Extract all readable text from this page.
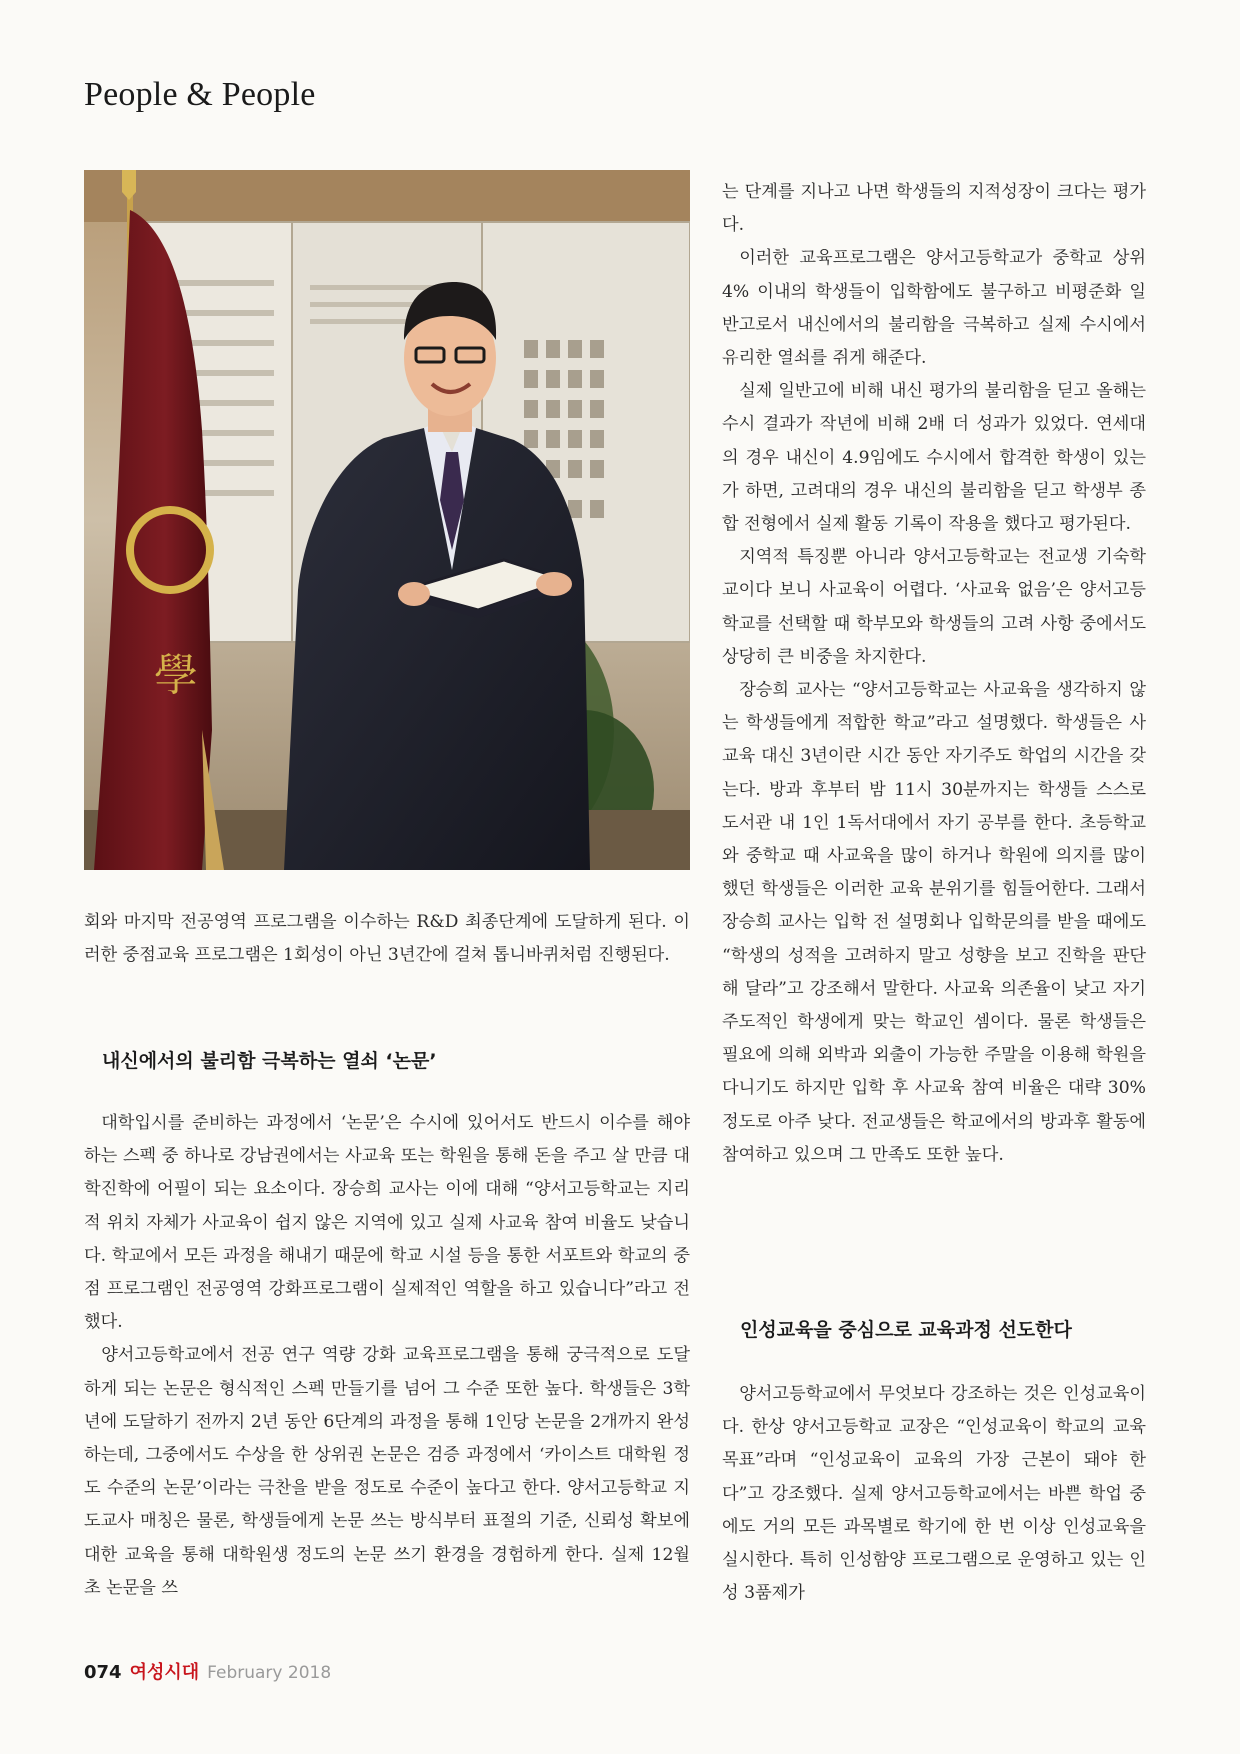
People & People
學

회와 마지막 전공영역 프로그램을 이수하는 R&D 최종단계에 도달하게 된다. 이러한 중점교육 프로그램은 1회성이 아닌 3년간에 걸쳐 톱니바퀴처럼 진행된다.

내신에서의 불리함 극복하는 열쇠 ‘논문’

대학입시를 준비하는 과정에서 ‘논문’은 수시에 있어서도 반드시 이수를 해야 하는 스펙 중 하나로 강남권에서는 사교육 또는 학원을 통해 돈을 주고 살 만큼 대학진학에 어필이 되는 요소이다. 장승희 교사는 이에 대해 “양서고등학교는 지리적 위치 자체가 사교육이 쉽지 않은 지역에 있고 실제 사교육 참여 비율도 낮습니다. 학교에서 모든 과정을 해내기 때문에 학교 시설 등을 통한 서포트와 학교의 중점 프로그램인 전공영역 강화프로그램이 실제적인 역할을 하고 있습니다”라고 전했다.

양서고등학교에서 전공 연구 역량 강화 교육프로그램을 통해 궁극적으로 도달하게 되는 논문은 형식적인 스펙 만들기를 넘어 그 수준 또한 높다. 학생들은 3학년에 도달하기 전까지 2년 동안 6단계의 과정을 통해 1인당 논문을 2개까지 완성하는데, 그중에서도 수상을 한 상위권 논문은 검증 과정에서 ‘카이스트 대학원 정도 수준의 논문’이라는 극찬을 받을 정도로 수준이 높다고 한다. 양서고등학교 지도교사 매칭은 물론, 학생들에게 논문 쓰는 방식부터 표절의 기준, 신뢰성 확보에 대한 교육을 통해 대학원생 정도의 논문 쓰기 환경을 경험하게 한다. 실제 12월 초 논문을 쓰

는 단계를 지나고 나면 학생들의 지적성장이 크다는 평가다.

이러한 교육프로그램은 양서고등학교가 중학교 상위 4% 이내의 학생들이 입학함에도 불구하고 비평준화 일반고로서 내신에서의 불리함을 극복하고 실제 수시에서 유리한 열쇠를 쥐게 해준다.

실제 일반고에 비해 내신 평가의 불리함을 딛고 올해는 수시 결과가 작년에 비해 2배 더 성과가 있었다. 연세대의 경우 내신이 4.9임에도 수시에서 합격한 학생이 있는가 하면, 고려대의 경우 내신의 불리함을 딛고 학생부 종합 전형에서 실제 활동 기록이 작용을 했다고 평가된다.

지역적 특징뿐 아니라 양서고등학교는 전교생 기숙학교이다 보니 사교육이 어렵다. ‘사교육 없음’은 양서고등학교를 선택할 때 학부모와 학생들의 고려 사항 중에서도 상당히 큰 비중을 차지한다.

장승희 교사는 “양서고등학교는 사교육을 생각하지 않는 학생들에게 적합한 학교”라고 설명했다. 학생들은 사교육 대신 3년이란 시간 동안 자기주도 학업의 시간을 갖는다. 방과 후부터 밤 11시 30분까지는 학생들 스스로 도서관 내 1인 1독서대에서 자기 공부를 한다. 초등학교와 중학교 때 사교육을 많이 하거나 학원에 의지를 많이 했던 학생들은 이러한 교육 분위기를 힘들어한다. 그래서 장승희 교사는 입학 전 설명회나 입학문의를 받을 때에도 “학생의 성적을 고려하지 말고 성향을 보고 진학을 판단해 달라”고 강조해서 말한다. 사교육 의존율이 낮고 자기 주도적인 학생에게 맞는 학교인 셈이다. 물론 학생들은 필요에 의해 외박과 외출이 가능한 주말을 이용해 학원을 다니기도 하지만 입학 후 사교육 참여 비율은 대략 30% 정도로 아주 낮다. 전교생들은 학교에서의 방과후 활동에 참여하고 있으며 그 만족도 또한 높다.

인성교육을 중심으로 교육과정 선도한다

양서고등학교에서 무엇보다 강조하는 것은 인성교육이다. 한상 양서고등학교 교장은 “인성교육이 학교의 교육목표”라며 “인성교육이 교육의 가장 근본이 돼야 한다”고 강조했다. 실제 양서고등학교에서는 바쁜 학업 중에도 거의 모든 과목별로 학기에 한 번 이상 인성교육을 실시한다. 특히 인성함양 프로그램으로 운영하고 있는 인성 3품제가

074 여성시대 February 2018
